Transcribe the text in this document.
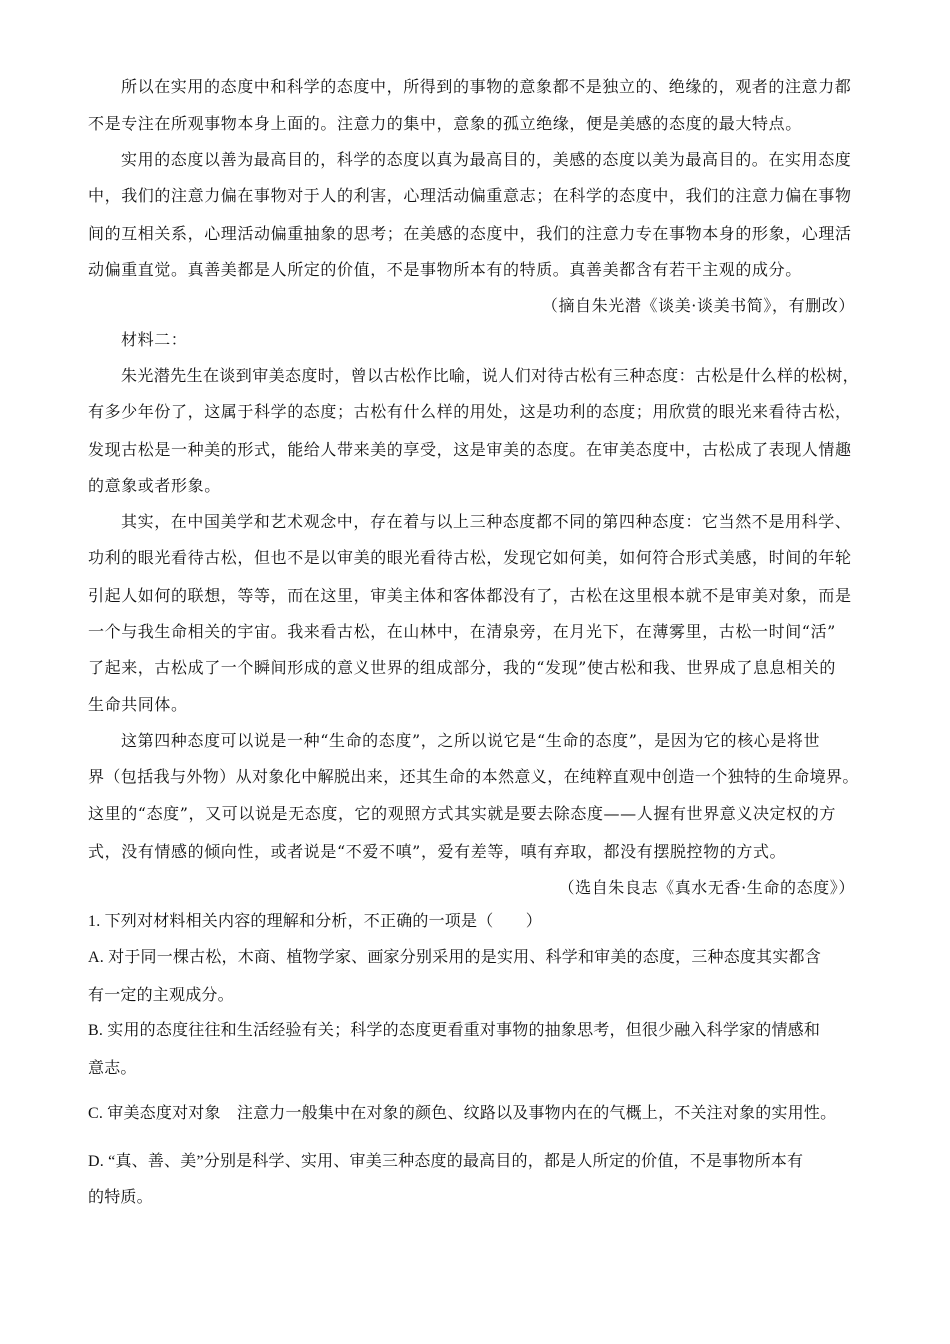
所以在实用的态度中和科学的态度中，所得到的事物的意象都不是独立的、绝缘的，观者的注意力都
不是专注在所观事物本身上面的。注意力的集中，意象的孤立绝缘，便是美感的态度的最大特点。
实用的态度以善为最高目的，科学的态度以真为最高目的，美感的态度以美为最高目的。在实用态度
中，我们的注意力偏在事物对于人的利害，心理活动偏重意志；在科学的态度中，我们的注意力偏在事物
间的互相关系，心理活动偏重抽象的思考；在美感的态度中，我们的注意力专在事物本身的形象，心理活
动偏重直觉。真善美都是人所定的价值，不是事物所本有的特质。真善美都含有若干主观的成分。
（摘自朱光潜《谈美·谈美书简》，有删改）
材料二：
朱光潜先生在谈到审美态度时，曾以古松作比喻，说人们对待古松有三种态度：古松是什么样的松树，
有多少年份了，这属于科学的态度；古松有什么样的用处，这是功利的态度；用欣赏的眼光来看待古松，
发现古松是一种美的形式，能给人带来美的享受，这是审美的态度。在审美态度中，古松成了表现人情趣
的意象或者形象。
其实，在中国美学和艺术观念中，存在着与以上三种态度都不同的第四种态度：它当然不是用科学、
功利的眼光看待古松，但也不是以审美的眼光看待古松，发现它如何美，如何符合形式美感，时间的年轮
引起人如何的联想，等等，而在这里，审美主体和客体都没有了，古松在这里根本就不是审美对象，而是
一个与我生命相关的宇宙。我来看古松，在山林中，在清泉旁，在月光下，在薄雾里，古松一时间“活”
了起来，古松成了一个瞬间形成的意义世界的组成部分，我的“发现”使古松和我、世界成了息息相关的
生命共同体。
这第四种态度可以说是一种“生命的态度”，之所以说它是“生命的态度”，是因为它的核心是将世
界（包括我与外物）从对象化中解脱出来，还其生命的本然意义，在纯粹直观中创造一个独特的生命境界。
这里的“态度”，又可以说是无态度，它的观照方式其实就是要去除态度——人握有世界意义决定权的方
式，没有情感的倾向性，或者说是“不爱不嗔”，爱有差等，嗔有弃取，都没有摆脱控物的方式。
（选自朱良志《真水无香·生命的态度》）
1. 下列对材料相关内容的理解和分析，不正确的一项是（　　）
A. 对于同一棵古松，木商、植物学家、画家分别采用的是实用、科学和审美的态度，三种态度其实都含
有一定的主观成分。
B. 实用的态度往往和生活经验有关；科学的态度更看重对事物的抽象思考，但很少融入科学家的情感和
意志。
C. 审美态度对对象　注意力一般集中在对象的颜色、纹路以及事物内在的气概上，不关注对象的实用性。
D. “真、善、美”分别是科学、实用、审美三种态度的最高目的，都是人所定的价值，不是事物所本有
的特质。
